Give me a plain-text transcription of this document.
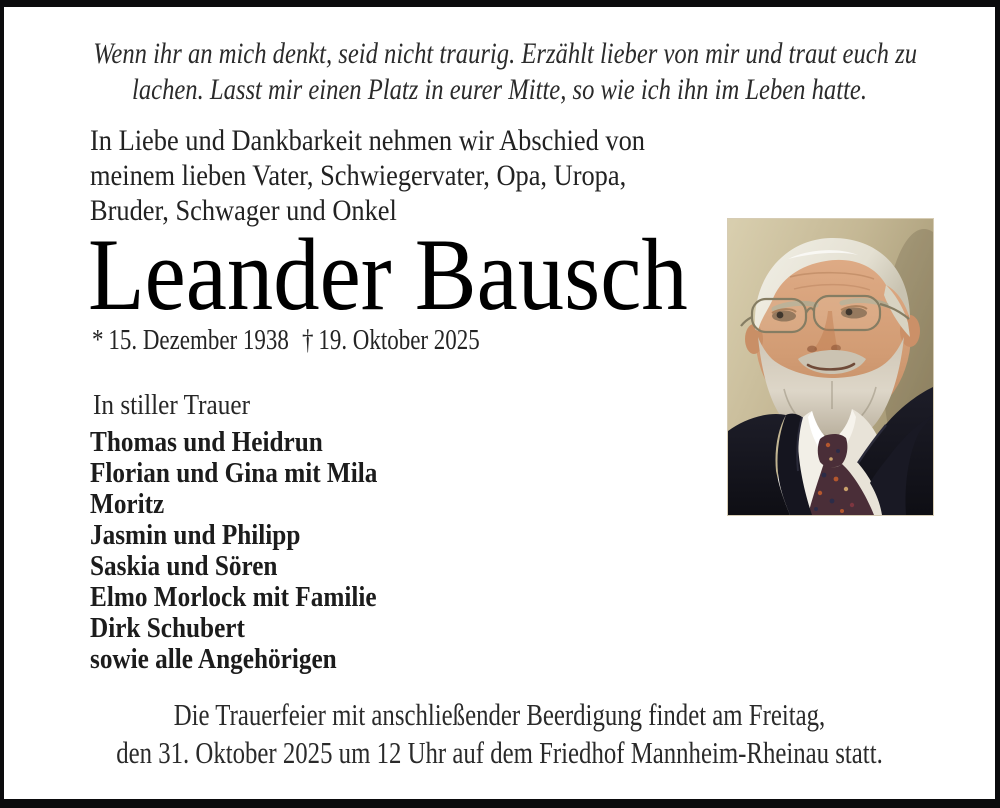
Wenn ihr an mich denkt, seid nicht traurig. Erzählt lieber von mir und traut euch zu
lachen. Lasst mir einen Platz in eurer Mitte, so wie ich ihn im Leben hatte.
In Liebe und Dankbarkeit nehmen wir Abschied von
meinem lieben Vater, Schwiegervater, Opa, Uropa,
Bruder, Schwager und Onkel
Leander Bausch
* 15. Dezember 1938 † 19. Oktober 2025
In stiller Trauer
Thomas und Heidrun
Florian und Gina mit Mila
Moritz
Jasmin und Philipp
Saskia und Sören
Elmo Morlock mit Familie
Dirk Schubert
sowie alle Angehörigen
Die Trauerfeier mit anschließender Beerdigung findet am Freitag,
den 31. Oktober 2025 um 12 Uhr auf dem Friedhof Mannheim-Rheinau statt.
